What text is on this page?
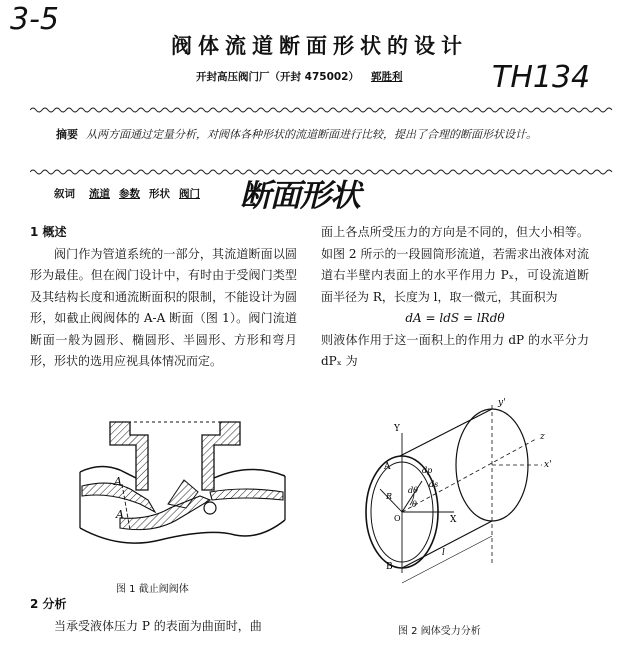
3-5
TH134
阀体流道断面形状的设计
开封高压阀门厂（开封 475002） 郭胜利
摘要 从两方面通过定量分析，对阀体各种形状的流道断面进行比较，提出了合理的断面形状设计。
叙词 流道 参数 形状 阀门 断面形状
1 概述
阀门作为管道系统的一部分，其流道断面以圆形为最佳。但在阀门设计中，有时由于受阀门类型及其结构长度和通流断面积的限制，不能设计为圆形，如截止阀阀体的 A-A 断面（图 1）。阀门流道断面一般为圆形、椭圆形、半圆形、方形和弯月形，形状的选用应视具体情况而定。
面上各点所受压力的方向是不同的，但大小相等。如图 2 所示的一段圆筒形流道，若需求出液体对流道右半壁内表面上的水平作用力 Pₓ，可设流道断面半径为 R，长度为 l，取一微元，其面积为
dA = ldS = lRdθ
则液体作用于这一面积上的作用力 dP 的水平分力 dPₓ 为
A
A
图 1 截止阀阀体
2 分析
当承受液体压力 P 的表面为曲面时，曲
y'
Y
z
x'
X
A
B
dp
dθ
ds
R
θ
O
l
图 2 阀体受力分析
